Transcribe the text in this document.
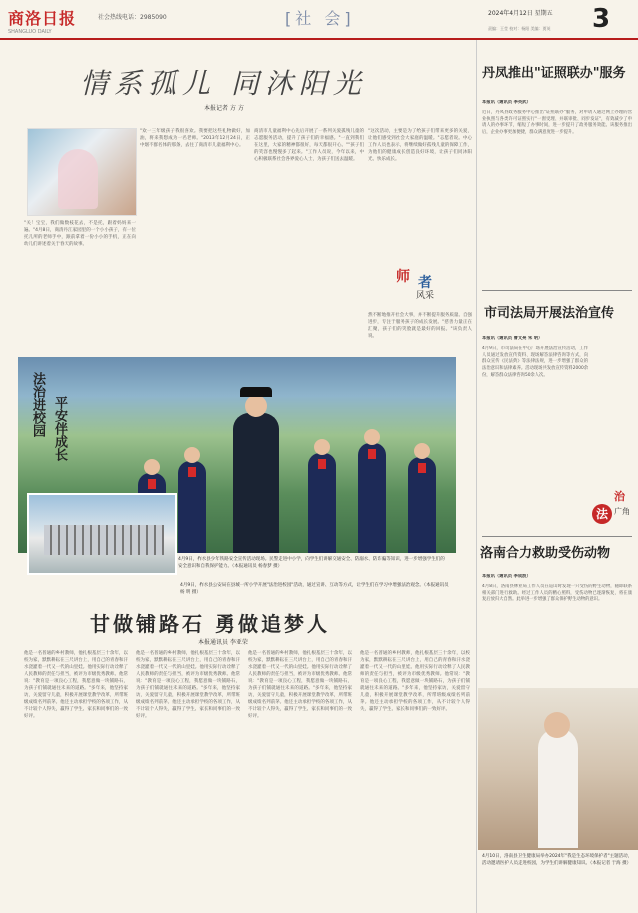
商洛日报
SHANGLUO DAILY
社会热线电话：2985090	[社 会]	2024年4月12日 星期五
责编：王莹 校对：杨阳 美编：贾英 3
情系孤儿 同沐阳光
本报记者 方 方
"欢一三年级孩子我很喜欢。我要把这些礼物做好，加油，将来我想成为一名老师。"2013年12月24日，正中烟不群名体的那条，去往了商清市儿童福利中心。
"关！宝宝，我们做数枝花去，不是托，跟着妈妈来一遍。"4月8日，商清丹江家园里的一个小小孩子，有一位托儿所的老师手中，跟前拿着一份小小的手机，正在向幼儿们讲述着关于春天的故事。
商清市儿童福利中心先后开展了一系列关爱孤残儿童的志愿服务活动，提升了孩子们的幸福感。"一直到我们在这里，大家的精神都很好，每天都很开心。""孩子们的笑容也慢慢多了起来。"工作人员说，今年以来，中心积极联系社会各界爱心人士，为孩子们送去温暖。
"这次活动，主要是为了给孩子们带来更多的关爱，让他们感受到社会大家庭的温暖。"志愿者说。中心工作人员也表示，将继续做好孤残儿童的保障工作，为他们的健康成长创造良好环境，让孩子们同沐阳光、快乐成长。
然不断地推开社会大事，并不断提升服务质量。自强进步，专注于服务孩子的成长发展。"慈善力量正在汇聚，孩子们的笑脸就是最好的回报。"该负责人说。
师 者
风采
法治进校园 平安伴成长
4月9日，柞水县少年铁路安全宣传活动现场。民警走进中小学，向学生们讲解交通安全、防溺水、防诈骗等知识，进一步增强学生们的安全意识和自我保护能力。（本报通讯员 杨春梦 摄）
4月9日，柞水县公安局在县城一所小学开展"法治进校园"活动，通过宣讲、互动等方式，让学生们在学习中增强法治观念。（本报通讯员 杨 明 摄）
甘做铺路石 勇做追梦人
本报通讯员 李亚荣
他是一名普通的乡村教师，他扎根基层三十余年，以校为家，默默耕耘在三尺讲台上，用自己的青春和汗水浇灌着一代又一代的山里娃。他用实际行动诠释了人民教师的责任与担当，被评为市级优秀教师。他常说："教育是一项良心工程，我愿意做一块铺路石，为孩子们铺就通往未来的道路。"多年来，他坚持家访，关爱留守儿童，积极开展课堂教学改革，所带班级成绩名列前茅。他还主动承担学校的各项工作，从不计较个人得失，赢得了学生、家长和同事们的一致好评。
他是一名普通的乡村教师，他扎根基层三十余年，以校为家，默默耕耘在三尺讲台上，用自己的青春和汗水浇灌着一代又一代的山里娃。他用实际行动诠释了人民教师的责任与担当，被评为市级优秀教师。他常说："教育是一项良心工程，我愿意做一块铺路石，为孩子们铺就通往未来的道路。"多年来，他坚持家访，关爱留守儿童，积极开展课堂教学改革，所带班级成绩名列前茅。他还主动承担学校的各项工作，从不计较个人得失，赢得了学生、家长和同事们的一致好评。
他是一名普通的乡村教师，他扎根基层三十余年，以校为家，默默耕耘在三尺讲台上，用自己的青春和汗水浇灌着一代又一代的山里娃。他用实际行动诠释了人民教师的责任与担当，被评为市级优秀教师。他常说："教育是一项良心工程，我愿意做一块铺路石，为孩子们铺就通往未来的道路。"多年来，他坚持家访，关爱留守儿童，积极开展课堂教学改革，所带班级成绩名列前茅。他还主动承担学校的各项工作，从不计较个人得失，赢得了学生、家长和同事们的一致好评。
他是一名普通的乡村教师，他扎根基层三十余年，以校为家，默默耕耘在三尺讲台上，用自己的青春和汗水浇灌着一代又一代的山里娃。他用实际行动诠释了人民教师的责任与担当，被评为市级优秀教师。他常说："教育是一项良心工程，我愿意做一块铺路石，为孩子们铺就通往未来的道路。"多年来，他坚持家访，关爱留守儿童，积极开展课堂教学改革，所带班级成绩名列前茅。他还主动承担学校的各项工作，从不计较个人得失，赢得了学生、家长和同事们的一致好评。
丹凤推出"证照联办"服务
本报讯（通讯员 李英武）
近日，丹凤县政务服务中心推出"证照联办"服务，对申请人通过网上办理的营业执照与各类许可证照实行"一窗受理、并联审批、同步发证"，有效减少了申请人的办事环节，缩短了办事时间，进一步提升了政务服务效能。该服务推出后，企业办事更加便捷，群众满意度进一步提升。
市司法局开展法治宣传
本报讯（通讯员 曹文亮 朱 明）
4月9日，市司法局在中心广场开展法治宣传活动，工作人员通过发放宣传资料、现场解答法律咨询等方式，向群众宣传《民法典》等法律法规，进一步增强了群众的法治意识和法律素养。活动现场共发放宣传资料2000余份，解答群众法律咨询50余人次。
治
法 广角
洛南合力救助受伤动物
本报讯（通讯员 李成波）
4月8日，洛南县林业局工作人员在巡山时发现一只受伤的野生动物，随即联系相关部门进行救助。经过工作人员的精心照料，受伤动物已逐渐恢复，将在康复后放归大自然。此举进一步增强了群众保护野生动物的意识。
4月10日，洛南县卫生健康局举办2024年"我是生态环境保护者"主题活动，活动邀请医护人员走进校园，为学生们讲解健康知识。（本报记者 于海 摄）
